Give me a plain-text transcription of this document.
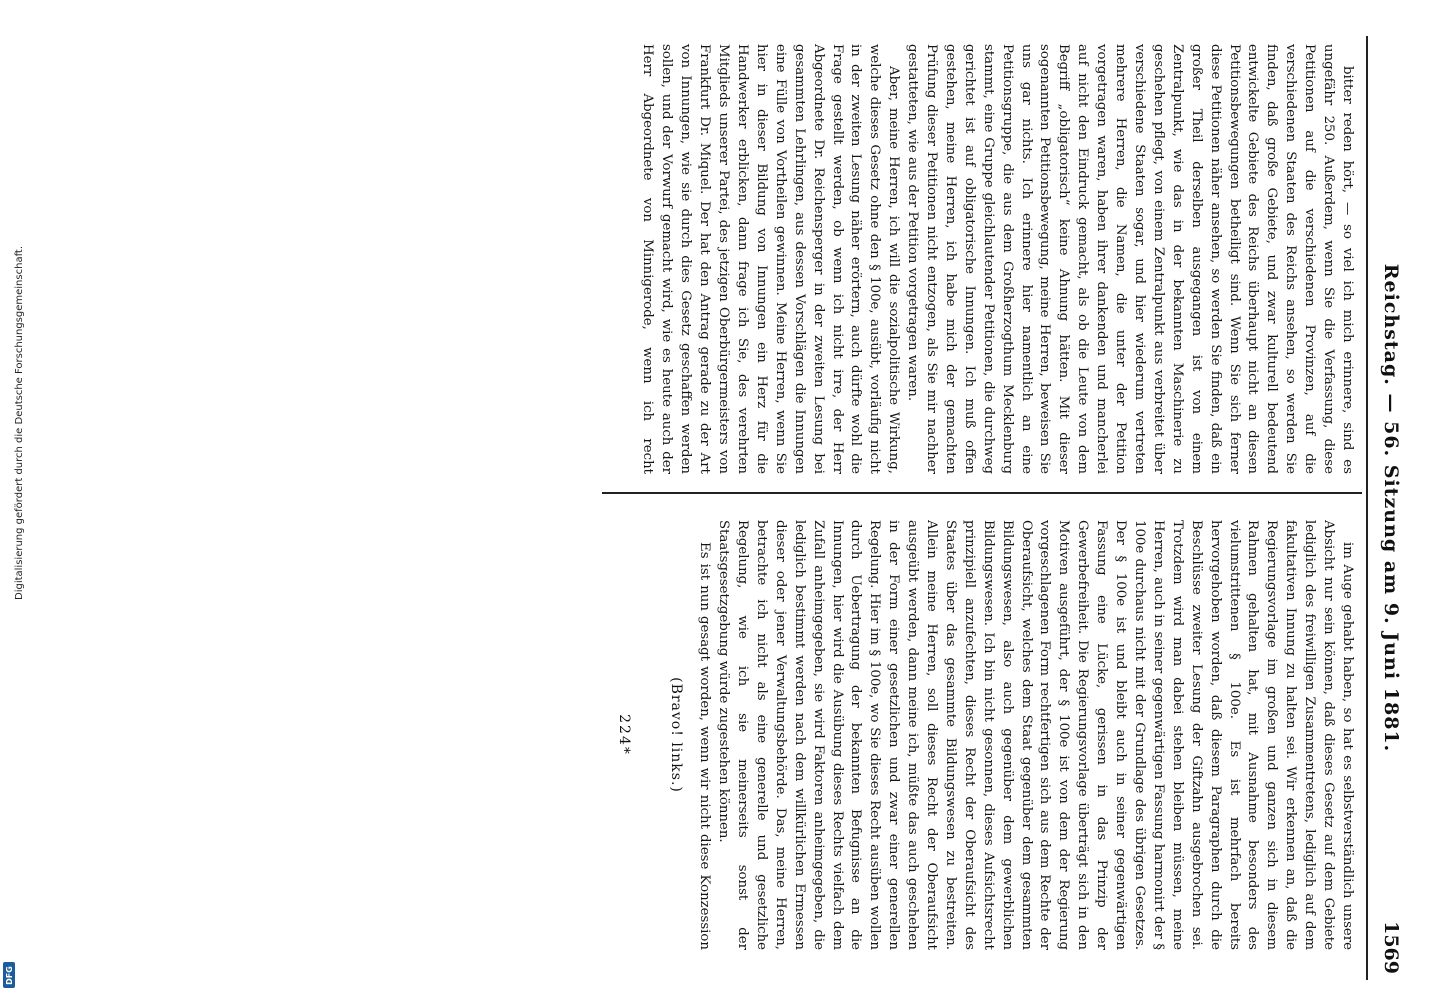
Reichstag. — 56. Sitzung am 9. Juni 1881.
1569

bitter reden hört, — so viel ich mich erinnere, sind es ungefähr 250. Außerdem, wenn Sie die Verfassung, diese Petitionen auf die verschiedenen Provinzen, auf die verschiedenen Staaten des Reichs ansehen, so werden Sie finden, daß große Gebiete, und zwar kulturell bedeutend entwickelte Gebiete des Reichs überhaupt nicht an diesen Petitionsbewegungen betheiligt sind. Wenn Sie sich ferner diese Petitionen näher ansehen, so werden Sie finden, daß ein großer Theil derselben ausgegangen ist von einem Zentralpunkt, wie das in der bekannten Maschinerie zu geschehen pflegt, von einem Zentralpunkt aus verbreitet über verschiedene Staaten sogar, und hier wiederum vertreten mehrere Herren, die Namen, die unter der Petition vorgetragen waren, haben ihrer dankenden und mancherlei auf nicht den Eindruck gemacht, als ob die Leute von dem Begriff „obligatorisch“ keine Ahnung hätten. Mit dieser sogenannten Petitionsbewegung, meine Herren, beweisen Sie uns gar nichts. Ich erinnere hier namentlich an eine Petitionsgruppe, die aus dem Großherzogthum Mecklenburg stammt, eine Gruppe gleichlautender Petitionen, die durchweg gerichtet ist auf obligatorische Innungen. Ich muß offen gestehen, meine Herren, ich habe mich der gemachten Prüfung dieser Petitionen nicht entzogen, als Sie mir nachher gestatteten, wie aus der Petition vorgetragen waren.

Aber, meine Herren, ich will die sozialpolitische Wirkung, welche dieses Gesetz ohne den § 100e, ausübt, vorläufig nicht in der zweiten Lesung näher erörtern, auch dürfte wohl die Frage gestellt werden, ob wenn ich nicht irre, der Herr Abgeordnete Dr. Reichensperger in der zweiten Lesung bei gesammten Lehrlingen, aus dessen Vorschlägen die Innungen eine Fülle von Vortheilen gewinnen. Meine Herren, wenn Sie hier in dieser Bildung von Innungen ein Herz für die Handwerker erblicken, dann frage ich Sie, des verehrten Mitglieds unserer Partei, des jetzigen Oberbürgermeisters von Frankfurt Dr. Miquel. Der hat den Antrag gerade zu der Art von Innungen, wie sie durch dies Gesetz geschaffen werden sollen, und der Vorwurf gemacht wird, wie es heute auch der Herr Abgeordnete von Minnigerode, wenn ich recht

im Auge gehabt haben, so hat es selbstverständlich unsere Absicht nur sein können, daß dieses Gesetz auf dem Gebiete lediglich des freiwilligen Zusammentretens, lediglich auf dem fakultativen Innung zu halten sei. Wir erkennen an, daß die Regierungsvorlage im großen und ganzen sich in diesem Rahmen gehalten hat, mit Ausnahme besonders des vielumstrittenen § 100e. Es ist mehrfach bereits hervorgehoben worden, daß diesem Paragraphen durch die Beschlüsse zweiter Lesung der Giftzahn ausgebrochen sei. Trotzdem wird man dabei stehen bleiben müssen, meine Herren, auch in seiner gegenwärtigen Fassung harmonirt der § 100e durchaus nicht mit der Grundlage des übrigen Gesetzes. Der § 100e ist und bleibt auch in seiner gegenwärtigen Fassung eine Lücke, gerissen in das Prinzip der Gewerbefreiheit. Die Regierungsvorlage überträgt sich in den Motiven ausgeführt, der § 100e ist von dem der Regierung vorgeschlagenen Form rechtfertigen sich aus dem Rechte der Oberaufsicht, welches dem Staat gegenüber dem gesammten Bildungswesen, also auch gegenüber dem gewerblichen Bildungswesen. Ich bin nicht gesonnen, dieses Aufsichtsrecht prinzipiell anzufechten, dieses Recht der Oberaufsicht des Staates über das gesammte Bildungswesen zu bestreiten. Allein meine Herren, soll dieses Recht der Oberaufsicht ausgeübt werden, dann meine ich, müßte das auch geschehen in der Form einer gesetzlichen und zwar einer generellen Regelung. Hier im § 100e, wo Sie dieses Recht ausüben wollen durch Uebertragung der bekannten Befugnisse an die Innungen, hier wird die Ausübung dieses Rechts vielfach dem Zufall anheimgegeben, sie wird Faktoren anheimgegeben, die lediglich bestimmt werden nach dem willkürlichen Ermessen dieser oder jener Verwaltungsbehörde. Das, meine Herren, betrachte ich nicht als eine generelle und gesetzliche Regelung, wie ich sie meinerseits sonst der Staatsgesetzgebung würde zugestehen können.

Es ist nun gesagt worden, wenn wir nicht diese Konzession

(Bravo! links.)
224*
Digitalisierung gefördert durch die Deutsche Forschungsgemeinschaft.
DFG
